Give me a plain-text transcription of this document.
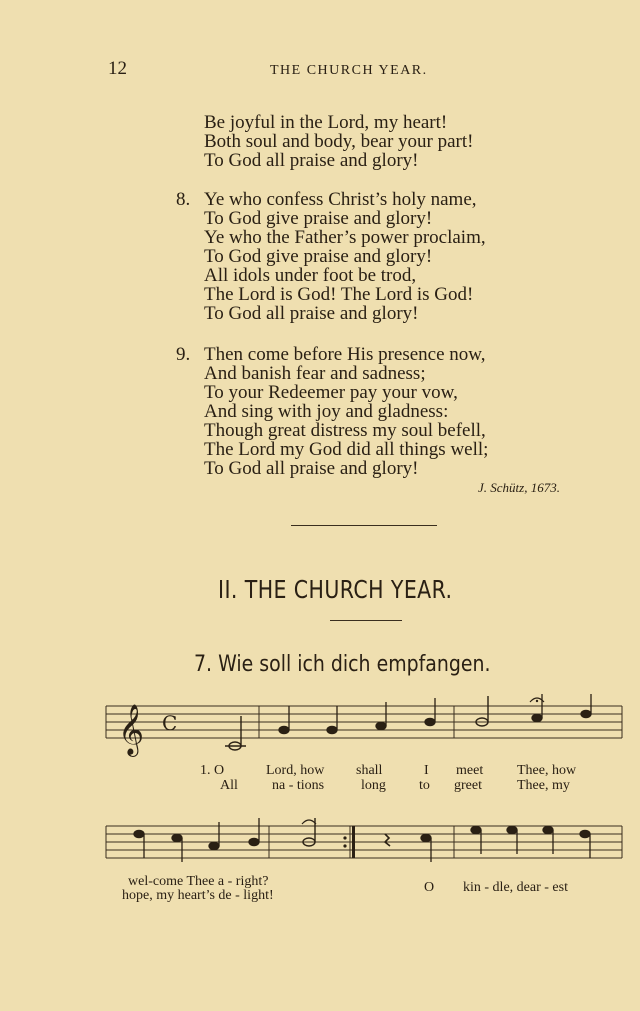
12	THE CHURCH YEAR.
Be joyful in the Lord, my heart!
Both soul and body, bear your part!
To God all praise and glory!
8. Ye who confess Christ’s holy name,
To God give praise and glory!
Ye who the Father’s power proclaim,
To God give praise and glory!
All idols under foot be trod,
The Lord is God! The Lord is God!
To God all praise and glory!
9. Then come before His presence now,
And banish fear and sadness;
To your Redeemer pay your vow,
And sing with joy and gladness:
Though great distress my soul befell,
The Lord my God did all things well;
To God all praise and glory!
J. Schütz, 1673.
II. THE CHURCH YEAR.
7. Wie soll ich dich empfangen.
𝄞 C
1. O	Lord, how shall	I meet Thee, how
All na - tions	long to greet	Thee, my
wel-come Thee a - right?	O kin - dle, dear - est
hope, my heart’s de - light!
